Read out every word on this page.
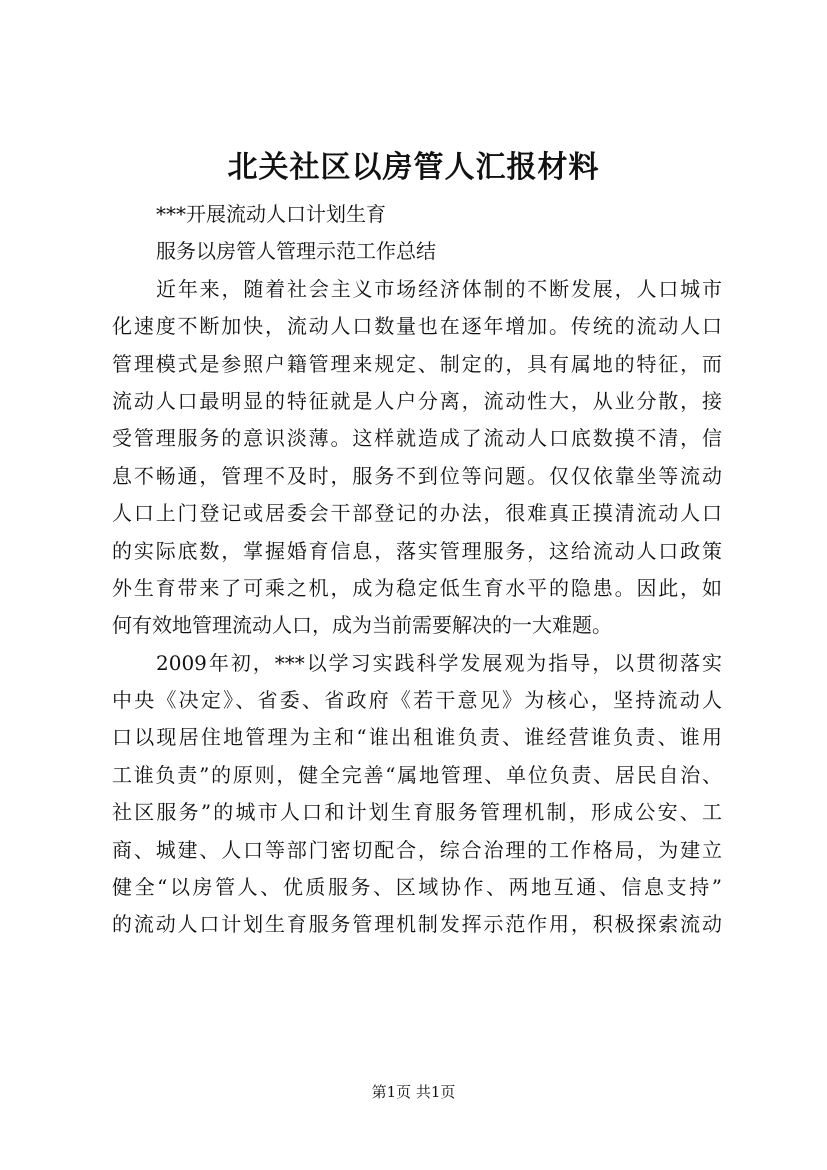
北关社区以房管人汇报材料
***开展流动人口计划生育
服务以房管人管理示范工作总结
近年来，随着社会主义市场经济体制的不断发展，人口城市
化速度不断加快，流动人口数量也在逐年增加。传统的流动人口
管理模式是参照户籍管理来规定、制定的，具有属地的特征，而
流动人口最明显的特征就是人户分离，流动性大，从业分散，接
受管理服务的意识淡薄。这样就造成了流动人口底数摸不清，信
息不畅通，管理不及时，服务不到位等问题。仅仅依靠坐等流动
人口上门登记或居委会干部登记的办法，很难真正摸清流动人口
的实际底数，掌握婚育信息，落实管理服务，这给流动人口政策
外生育带来了可乘之机，成为稳定低生育水平的隐患。因此，如
何有效地管理流动人口，成为当前需要解决的一大难题。
2009年初，***以学习实践科学发展观为指导，以贯彻落实
中央《决定》、省委、省政府《若干意见》为核心，坚持流动人
口以现居住地管理为主和“谁出租谁负责、谁经营谁负责、谁用
工谁负责”的原则，健全完善“属地管理、单位负责、居民自治、
社区服务”的城市人口和计划生育服务管理机制，形成公安、工
商、城建、人口等部门密切配合，综合治理的工作格局，为建立
健全“以房管人、优质服务、区域协作、两地互通、信息支持”
的流动人口计划生育服务管理机制发挥示范作用，积极探索流动
第1页 共1页
